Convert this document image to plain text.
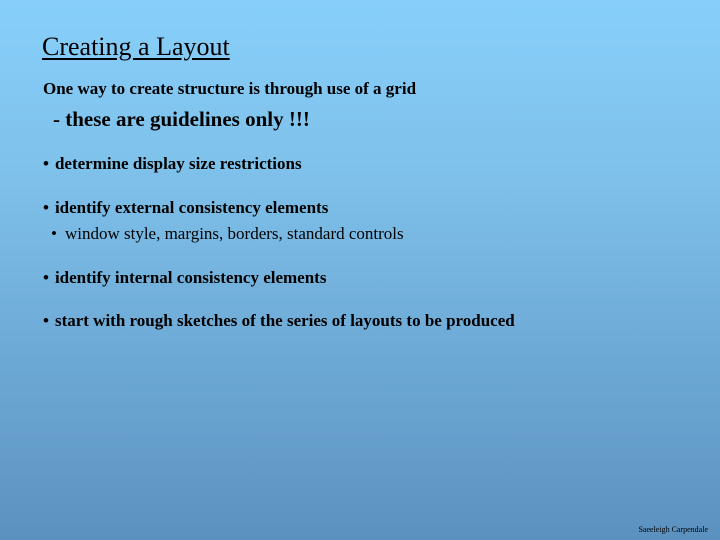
Creating a Layout
One way to create structure is through use of a grid
- these are guidelines only !!!
• determine display size restrictions
• identify external consistency elements
• window style, margins, borders, standard controls
• identify internal consistency elements
• start with rough sketches of the series of layouts to be produced
Saeeleigh Carpendale
